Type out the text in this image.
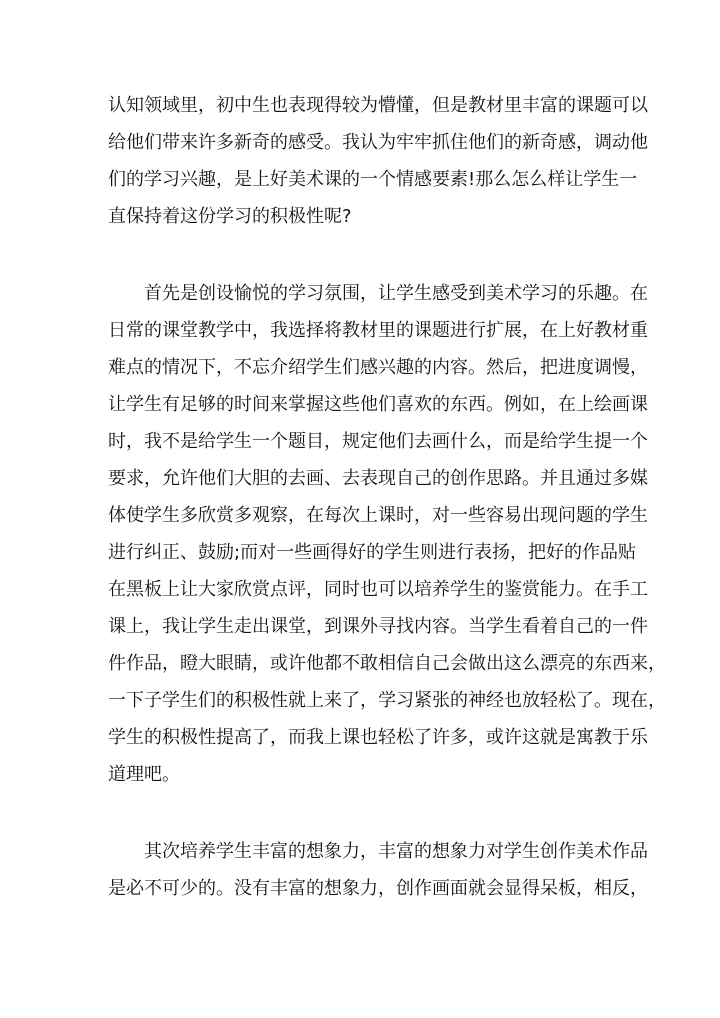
认知领域里，初中生也表现得较为懵懂，但是教材里丰富的课题可以
给他们带来许多新奇的感受。我认为牢牢抓住他们的新奇感，调动他
们的学习兴趣，是上好美术课的一个情感要素!那么怎么样让学生一
直保持着这份学习的积极性呢?
首先是创设愉悦的学习氛围，让学生感受到美术学习的乐趣。在
日常的课堂教学中，我选择将教材里的课题进行扩展，在上好教材重
难点的情况下，不忘介绍学生们感兴趣的内容。然后，把进度调慢，
让学生有足够的时间来掌握这些他们喜欢的东西。例如，在上绘画课
时，我不是给学生一个题目，规定他们去画什么，而是给学生提一个
要求，允许他们大胆的去画、去表现自己的创作思路。并且通过多媒
体使学生多欣赏多观察，在每次上课时，对一些容易出现问题的学生
进行纠正、鼓励;而对一些画得好的学生则进行表扬，把好的作品贴
在黑板上让大家欣赏点评，同时也可以培养学生的鉴赏能力。在手工
课上，我让学生走出课堂，到课外寻找内容。当学生看着自己的一件
件作品，瞪大眼睛，或许他都不敢相信自己会做出这么漂亮的东西来，
一下子学生们的积极性就上来了，学习紧张的神经也放轻松了。现在，
学生的积极性提高了，而我上课也轻松了许多，或许这就是寓教于乐
道理吧。
其次培养学生丰富的想象力，丰富的想象力对学生创作美术作品
是必不可少的。没有丰富的想象力，创作画面就会显得呆板，相反，
